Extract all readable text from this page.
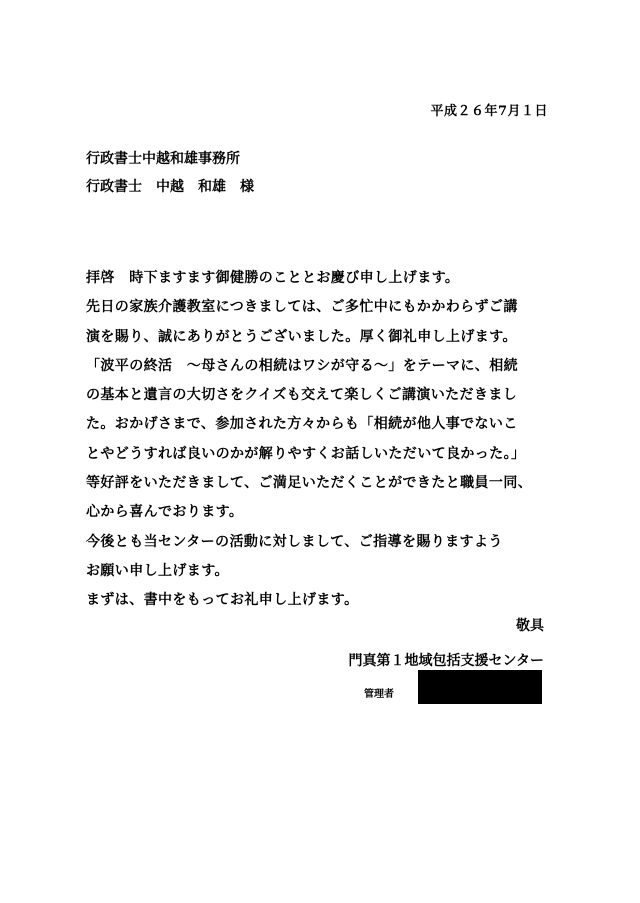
平成２６年7月１日
行政書士中越和雄事務所
行政書士　中越　和雄　様
拝啓　時下ますます御健勝のこととお慶び申し上げます。
先日の家族介護教室につきましては、ご多忙中にもかかわらずご講
演を賜り、誠にありがとうございました。厚く御礼申し上げます。
「波平の終活　～母さんの相続はワシが守る～」をテーマに、相続
の基本と遺言の大切さをクイズも交えて楽しくご講演いただきまし
た。おかげさまで、参加された方々からも「相続が他人事でないこ
とやどうすれば良いのかが解りやすくお話しいただいて良かった。」
等好評をいただきまして、ご満足いただくことができたと職員一同、
心から喜んでおります。
今後とも当センターの活動に対しまして、ご指導を賜りますよう
お願い申し上げます。
まずは、書中をもってお礼申し上げます。
敬具
門真第１地域包括支援センター
管理者
